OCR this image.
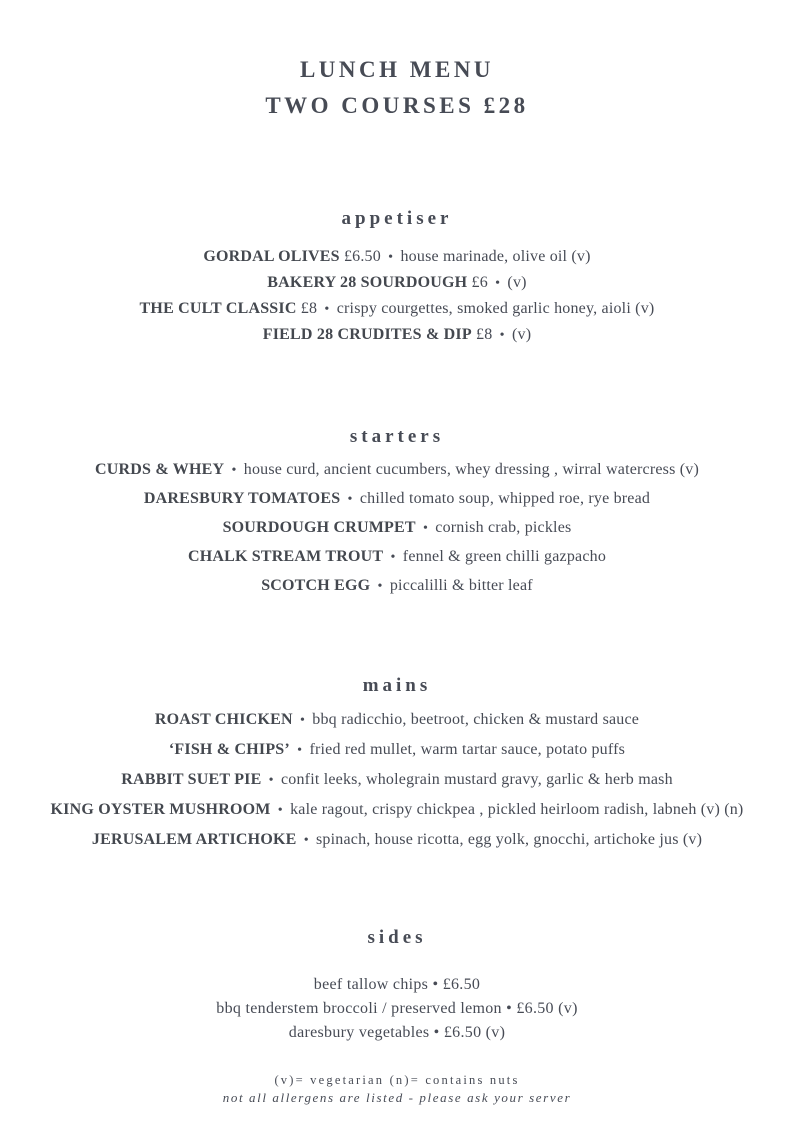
LUNCH MENU
TWO COURSES £28
appetiser
GORDAL OLIVES £6.50 • house marinade, olive oil (v)
BAKERY 28 SOURDOUGH £6 • (v)
THE CULT CLASSIC £8 • crispy courgettes, smoked garlic honey, aioli (v)
FIELD 28 CRUDITES & DIP £8 • (v)
starters
CURDS & WHEY • house curd, ancient cucumbers, whey dressing , wirral watercress (v)
DARESBURY TOMATOES • chilled tomato soup, whipped roe, rye bread
SOURDOUGH CRUMPET • cornish crab, pickles
CHALK STREAM TROUT • fennel & green chilli gazpacho
SCOTCH EGG • piccalilli & bitter leaf
mains
ROAST CHICKEN • bbq radicchio, beetroot, chicken & mustard sauce
‘FISH & CHIPS’ • fried red mullet, warm tartar sauce, potato puffs
RABBIT SUET PIE • confit leeks, wholegrain mustard gravy, garlic & herb mash
KING OYSTER MUSHROOM • kale ragout, crispy chickpea , pickled heirloom radish, labneh (v) (n)
JERUSALEM ARTICHOKE • spinach, house ricotta, egg yolk, gnocchi, artichoke jus (v)
sides
beef tallow chips • £6.50
bbq tenderstem broccoli / preserved lemon • £6.50 (v)
daresbury vegetables • £6.50 (v)
(v)= vegetarian (n)= contains nuts
not all allergens are listed - please ask your server
